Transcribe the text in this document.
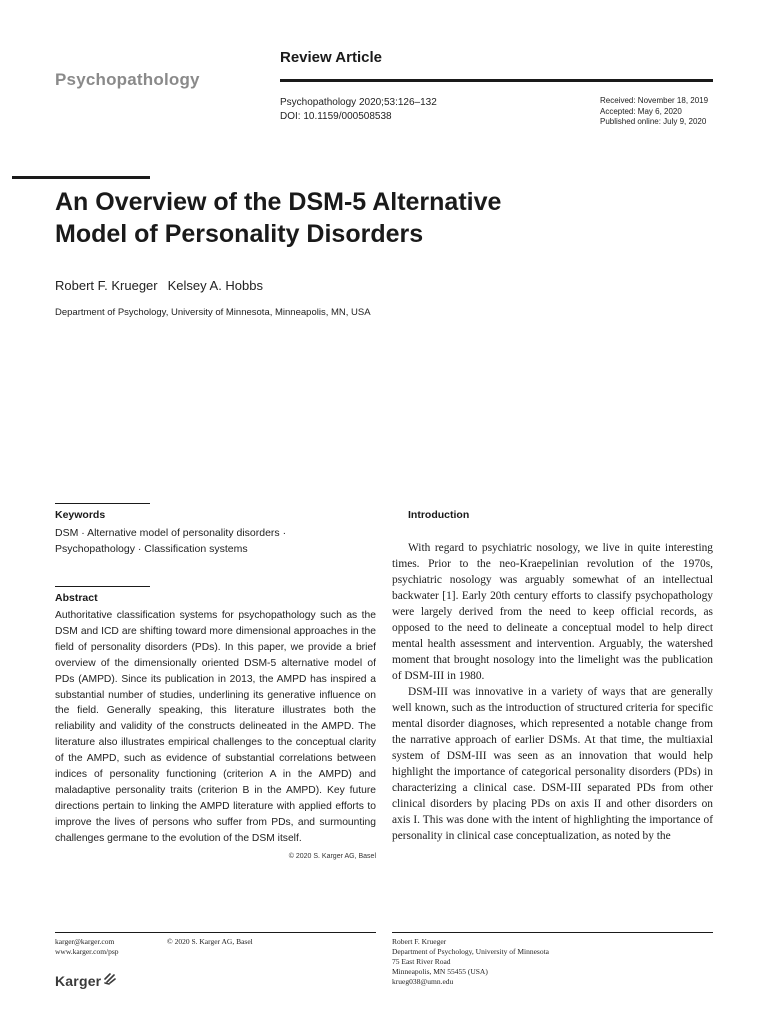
Psychopathology
Review Article
Psychopathology 2020;53:126–132
DOI: 10.1159/000508538
Received: November 18, 2019
Accepted: May 6, 2020
Published online: July 9, 2020
An Overview of the DSM-5 Alternative
Model of Personality Disorders
Robert F. Krueger Kelsey A. Hobbs
Department of Psychology, University of Minnesota, Minneapolis, MN, USA
Keywords
DSM · Alternative model of personality disorders ·
Psychopathology · Classification systems
Abstract
Authoritative classification systems for psychopathology such as the DSM and ICD are shifting toward more dimensional approaches in the field of personality disorders (PDs). In this paper, we provide a brief overview of the dimensionally oriented DSM-5 alternative model of PDs (AMPD). Since its publication in 2013, the AMPD has inspired a substantial number of studies, underlining its generative influence on the field. Generally speaking, this literature illustrates both the reliability and validity of the constructs delineated in the AMPD. The literature also illustrates empirical challenges to the conceptual clarity of the AMPD, such as evidence of substantial correlations between indices of personality functioning (criterion A in the AMPD) and maladaptive personality traits (criterion B in the AMPD). Key future directions pertain to linking the AMPD literature with applied efforts to improve the lives of persons who suffer from PDs, and surmounting challenges germane to the evolution of the DSM itself.
© 2020 S. Karger AG, Basel
Introduction

With regard to psychiatric nosology, we live in quite interesting times. Prior to the neo-Kraepelinian revolution of the 1970s, psychiatric nosology was arguably somewhat of an intellectual backwater [1]. Early 20th century efforts to classify psychopathology were largely derived from the need to keep official records, as opposed to the need to delineate a conceptual model to help direct mental health assessment and intervention. Arguably, the watershed moment that brought nosology into the limelight was the publication of DSM-III in 1980.

DSM-III was innovative in a variety of ways that are generally well known, such as the introduction of structured criteria for specific mental disorder diagnoses, which represented a notable change from the narrative approach of earlier DSMs. At that time, the multiaxial system of DSM-III was seen as an innovation that would help highlight the importance of categorical personality disorders (PDs) in characterizing a clinical case. DSM-III separated PDs from other clinical disorders by placing PDs on axis II and other disorders on axis I. This was done with the intent of highlighting the importance of personality in clinical case conceptualization, as noted by the

karger@karger.com
www.karger.com/psp
© 2020 S. Karger AG, Basel
Karger
Robert F. Krueger
Department of Psychology, University of Minnesota
75 East River Road
Minneapolis, MN 55455 (USA)
krueg038@umn.edu
